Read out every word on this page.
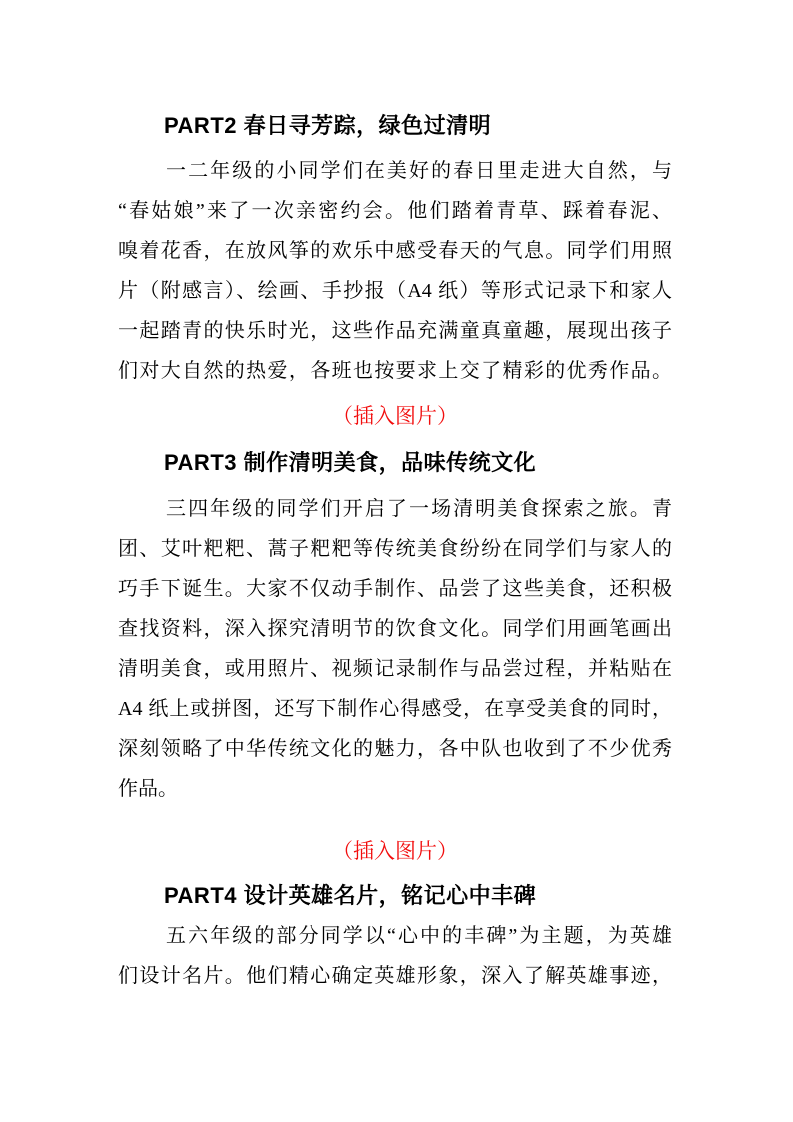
PART2 春日寻芳踪，绿色过清明
一二年级的小同学们在美好的春日里走进大自然，与
“春姑娘”来了一次亲密约会。他们踏着青草、踩着春泥、
嗅着花香，在放风筝的欢乐中感受春天的气息。同学们用照
片（附感言）、绘画、手抄报（A4 纸）等形式记录下和家人
一起踏青的快乐时光，这些作品充满童真童趣，展现出孩子
们对大自然的热爱，各班也按要求上交了精彩的优秀作品。
（插入图片）
PART3 制作清明美食，品味传统文化
三四年级的同学们开启了一场清明美食探索之旅。青
团、艾叶粑粑、蒿子粑粑等传统美食纷纷在同学们与家人的
巧手下诞生。大家不仅动手制作、品尝了这些美食，还积极
查找资料，深入探究清明节的饮食文化。同学们用画笔画出
清明美食，或用照片、视频记录制作与品尝过程，并粘贴在
A4 纸上或拼图，还写下制作心得感受，在享受美食的同时，
深刻领略了中华传统文化的魅力，各中队也收到了不少优秀
作品。
（插入图片）
PART4 设计英雄名片，铭记心中丰碑
五六年级的部分同学以“心中的丰碑”为主题，为英雄
们设计名片。他们精心确定英雄形象，深入了解英雄事迹，
